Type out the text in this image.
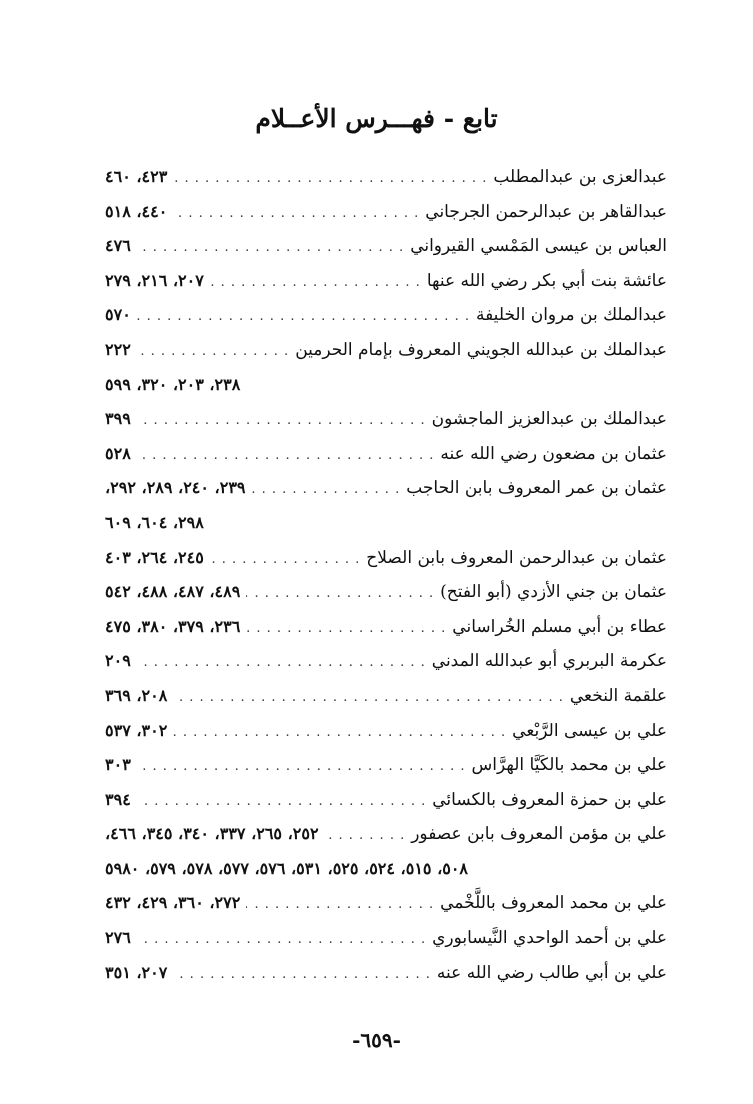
تابع - فهـــرس الأعــلام
عبدالعزى بن عبدالمطلب
. . .
٤٢٣، ٤٦٠
عبدالقاهر بن عبدالرحمن الجرجاني
. . .
٤٤٠، ٥١٨
العباس بن عيسى المَمْسي القيرواني
. . .
٤٧٦
عائشة بنت أبي بكر رضي الله عنها
. . .
٢٠٧، ٢١٦، ٢٧٩
عبدالملك بن مروان الخليفة
. . .
٥٧٠
عبدالملك بن عبدالله الجويني المعروف بإمام الحرمين
. . .
٢٢٢
٢٣٨، ٢٠٣، ٣٢٠، ٥٩٩
عبدالملك بن عبدالعزيز الماجشون
. . .
٣٩٩
عثمان بن مضعون رضي الله عنه
. . .
٥٢٨
عثمان بن عمر المعروف بابن الحاجب
. . .
٢٣٩، ٢٤٠، ٢٨٩، ٢٩٢،
٢٩٨، ٦٠٤، ٦٠٩
عثمان بن عبدالرحمن المعروف بابن الصلاح
. . .
٢٤٥، ٢٦٤، ٤٠٣
عثمان بن جني الأزدي (أبو الفتح)
. . .
٤٨٩، ٤٨٧، ٤٨٨، ٥٤٢
عطاء بن أبي مسلم الخُراساني
. . .
٢٣٦، ٣٧٩، ٣٨٠، ٤٧٥
عكرمة البربري أبو عبدالله المدني
. . .
٢٠٩
علقمة النخعي
. . .
٢٠٨، ٣٦٩
علي بن عيسى الرَّبْعي
. . .
٣٠٢، ٥٣٧
علي بن محمد بالكَيَّا الهرَّاس
. . .
٣٠٣
علي بن حمزة المعروف بالكسائي
. . .
٣٩٤
علي بن مؤمن المعروف بابن عصفور
. . .
٢٥٢، ٢٦٥، ٣٣٧، ٣٤٠، ٣٤٥، ٤٦٦،
٥٠٨، ٥١٥، ٥٢٤، ٥٢٥، ٥٣١، ٥٧٦، ٥٧٧، ٥٧٨، ٥٧٩، ٥٩٨٠
علي بن محمد المعروف باللَّخْمي
. . .
٢٧٢، ٣٦٠، ٤٢٩، ٤٣٢
علي بن أحمد الواحدي النَّيسابوري
. . .
٢٧٦
علي بن أبي طالب رضي الله عنه
. . .
٢٠٧، ٣٥١
-٦٥٩-
